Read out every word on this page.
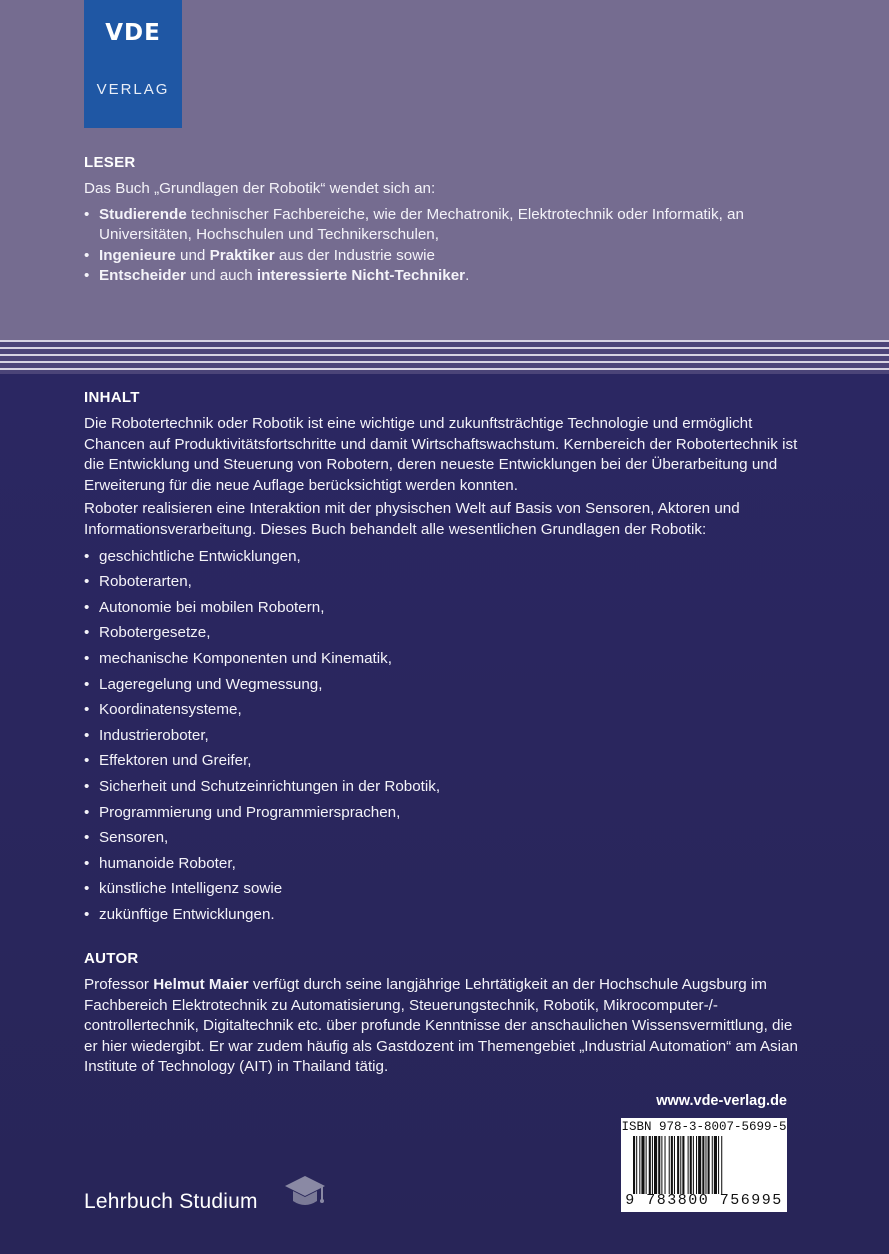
VDE
VERLAG
LESER

Das Buch „Grundlagen der Robotik“ wendet sich an:

• Studierende technischer Fachbereiche, wie der Mechatronik, Elektrotechnik oder Informatik, an Universitäten, Hochschulen und Technikerschulen,
• Ingenieure und Praktiker aus der Industrie sowie
• Entscheider und auch interessierte Nicht-Techniker.
INHALT

Die Robotertechnik oder Robotik ist eine wichtige und zukunftsträchtige Technologie und ermöglicht Chancen auf Produktivitätsfortschritte und damit Wirtschaftswachstum. Kernbereich der Robotertechnik ist die Entwicklung und Steuerung von Robotern, deren neueste Entwicklungen bei der Überarbeitung und Erweiterung für die neue Auflage berücksichtigt werden konnten.

Roboter realisieren eine Interaktion mit der physischen Welt auf Basis von Sensoren, Aktoren und Informationsverarbeitung. Dieses Buch behandelt alle wesentlichen Grundlagen der Robotik:

• geschichtliche Entwicklungen,
• Roboterarten,
• Autonomie bei mobilen Robotern,
• Robotergesetze,
• mechanische Komponenten und Kinematik,
• Lageregelung und Wegmessung,
• Koordinatensysteme,
• Industrieroboter,
• Effektoren und Greifer,
• Sicherheit und Schutzeinrichtungen in der Robotik,
• Programmierung und Programmiersprachen,
• Sensoren,
• humanoide Roboter,
• künstliche Intelligenz sowie
• zukünftige Entwicklungen.
AUTOR

Professor Helmut Maier verfügt durch seine langjährige Lehrtätigkeit an der Hochschule Augsburg im Fachbereich Elektrotechnik zu Automatisierung, Steuerungstechnik, Robotik, Mikrocomputer-/-controllertechnik, Digitaltechnik etc. über profunde Kenntnisse der anschaulichen Wissensvermittlung, die er hier wiedergibt. Er war zudem häufig als Gastdozent im Themengebiet „Industrial Automation“ am Asian Institute of Technology (AIT) in Thailand tätig.

www.vde-verlag.de
ISBN 978-3-8007-5699-5
9 783800 756995
Lehrbuch Studium
